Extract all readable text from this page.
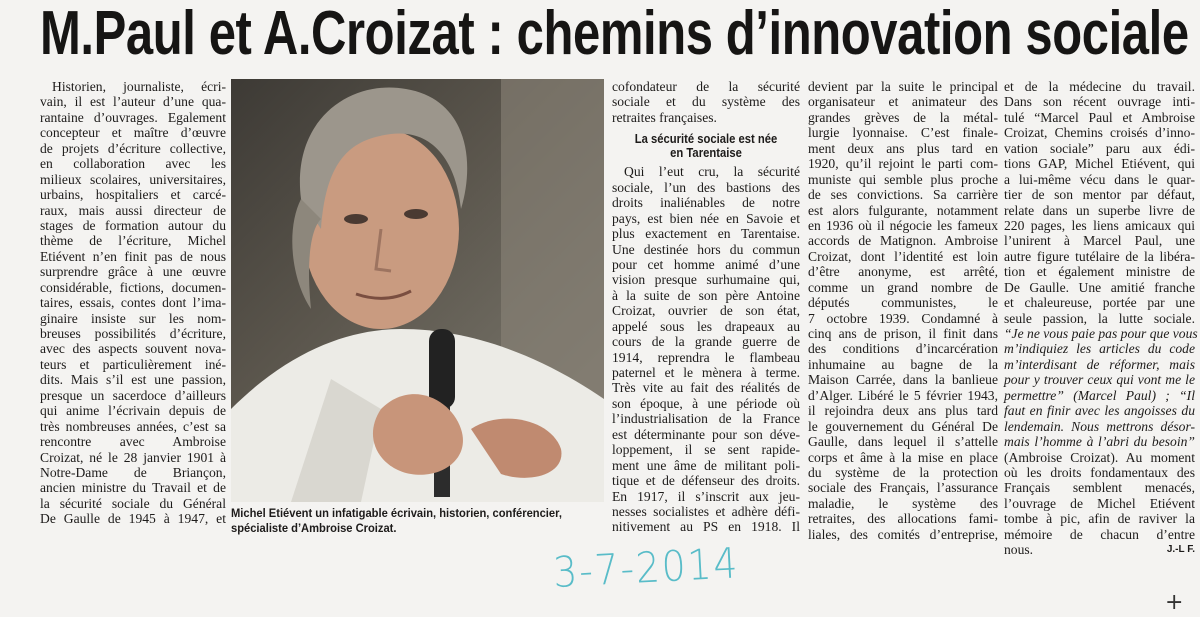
M.Paul et A.Croizat : chemins d’innovation sociale
Historien, journaliste, écri-
vain, il est l’auteur d’une qua-
rantaine d’ouvrages. Egalement
concepteur et maître d’œuvre
de projets d’écriture collective,
en collaboration avec les
milieux scolaires, universitaires,
urbains, hospitaliers et carcé-
raux, mais aussi directeur de
stages de formation autour du
thème de l’écriture, Michel
Etiévent n’en finit pas de nous
surprendre grâce à une œuvre
considérable, fictions, documen-
taires, essais, contes dont l’ima-
ginaire insiste sur les nom-
breuses possibilités d’écriture,
avec des aspects souvent nova-
teurs et particulièrement iné-
dits. Mais s’il est une passion,
presque un sacerdoce d’ailleurs
qui anime l’écrivain depuis de
très nombreuses années, c’est sa
rencontre avec Ambroise
Croizat, né le 28 janvier 1901 à
Notre-Dame de Briançon,
ancien ministre du Travail et de
la sécurité sociale du Général
De Gaulle de 1945 à 1947, et Michel Etiévent un infatigable écrivain, historien, conférencier,
spécialiste d’Ambroise Croizat.
cofondateur de la sécurité
sociale et du système des
retraites françaises.
La sécurité sociale est née
en Tarentaise
Qui l’eut cru, la sécurité
sociale, l’un des bastions des
droits inaliénables de notre
pays, est bien née en Savoie et
plus exactement en Tarentaise.
Une destinée hors du commun
pour cet homme animé d’une
vision presque surhumaine qui,
à la suite de son père Antoine
Croizat, ouvrier de son état,
appelé sous les drapeaux au
cours de la grande guerre de
1914, reprendra le flambeau
paternel et le mènera à terme.
Très vite au fait des réalités de
son époque, à une période où
l’industrialisation de la France
est déterminante pour son déve-
loppement, il se sent rapide-
ment une âme de militant poli-
tique et de défenseur des droits.
En 1917, il s’inscrit aux jeu-
nesses socialistes et adhère défi-
nitivement au PS en 1918. Il
devient par la suite le principal
organisateur et animateur des
grandes grèves de la métal-
lurgie lyonnaise. C’est finale-
ment deux ans plus tard en
1920, qu’il rejoint le parti com-
muniste qui semble plus proche
de ses convictions. Sa carrière
est alors fulgurante, notamment
en 1936 où il négocie les fameux
accords de Matignon. Ambroise
Croizat, dont l’identité est loin
d’être anonyme, est arrêté,
comme un grand nombre de
députés communistes, le
7 octobre 1939. Condamné à
cinq ans de prison, il finit dans
des conditions d’incarcération
inhumaine au bagne de la
Maison Carrée, dans la banlieue
d’Alger. Libéré le 5 février 1943,
il rejoindra deux ans plus tard
le gouvernement du Général De
Gaulle, dans lequel il s’attelle
corps et âme à la mise en place
du système de la protection
sociale des Français, l’assurance
maladie, le système des
retraites, des allocations fami-
liales, des comités d’entreprise,
et de la médecine du travail.
Dans son récent ouvrage inti-
tulé “Marcel Paul et Ambroise
Croizat, Chemins croisés d’inno-
vation sociale” paru aux édi-
tions GAP, Michel Etiévent, qui
a lui-même vécu dans le quar-
tier de son mentor par défaut,
relate dans un superbe livre de
220 pages, les liens amicaux qui
l’unirent à Marcel Paul, une
autre figure tutélaire de la libéra-
tion et également ministre de
De Gaulle. Une amitié franche
et chaleureuse, portée par une
seule passion, la lutte sociale.
“Je ne vous paie pas pour que vous
m’indiquiez les articles du code
m’interdisant de réformer, mais
pour y trouver ceux qui vont me le
permettre” (Marcel Paul) ; “Il
faut en finir avec les angoisses du
lendemain. Nous mettrons désor-
mais l’homme à l’abri du besoin”
(Ambroise Croizat). Au moment
où les droits fondamentaux des
Français semblent menacés,
l’ouvrage de Michel Etiévent
tombe à pic, afin de raviver la
mémoire de chacun d’entre
nous.	J.-L F.
3-7-2014
+
